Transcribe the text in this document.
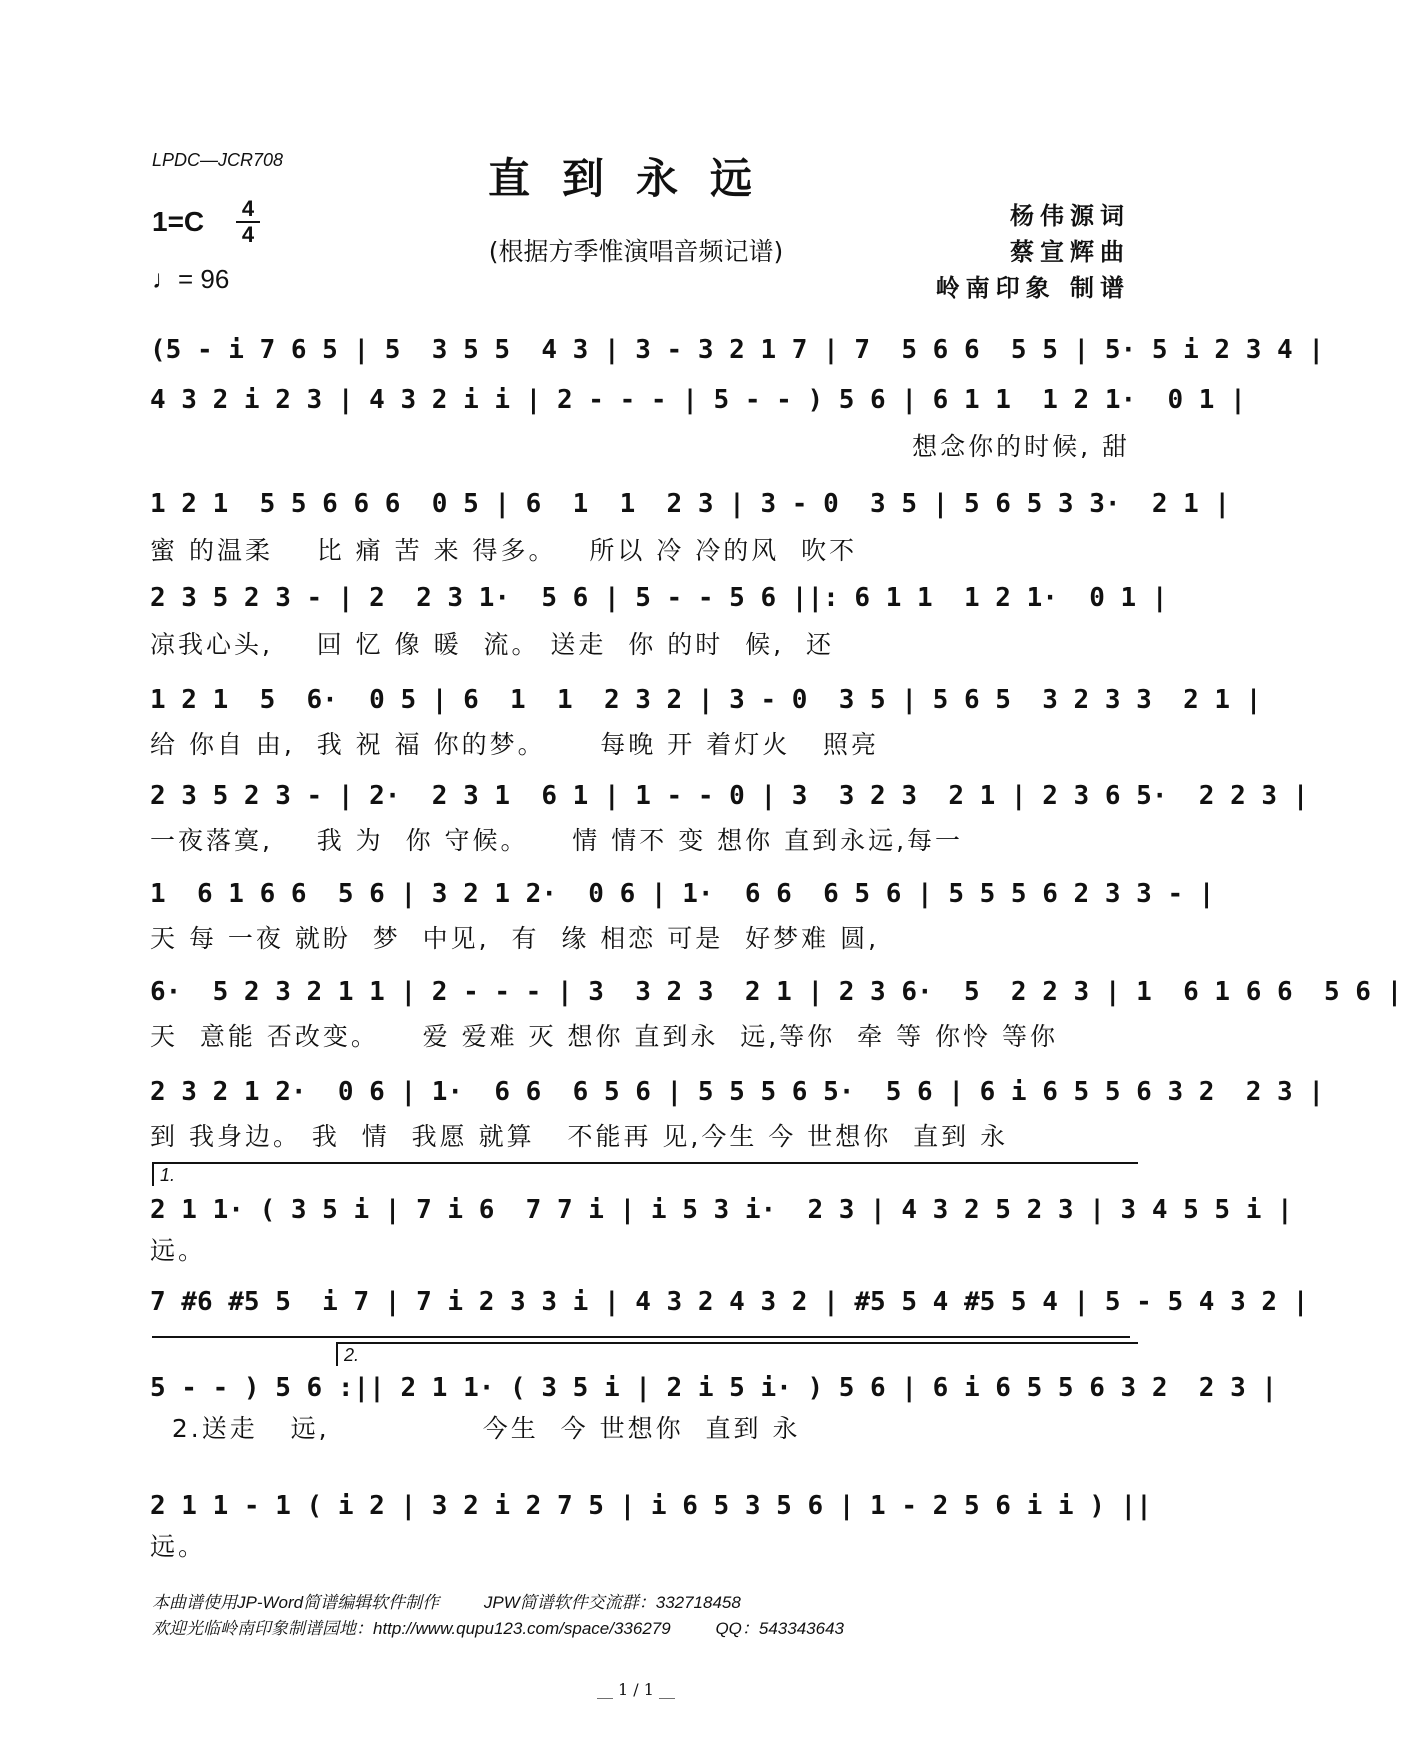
LPDC—JCR708	直到永远
(根据方季惟演唱音频记谱)
1=C 4
4
♩= 96
杨伟源词
蔡宣辉曲
岭南印象 制谱
(5 - i 7 6 5 | 5  3 5 5  4 3 | 3 - 3 2 1 7 | 7  5 6 6  5 5 | 5· 5 i 2 3 4 |
4 3 2 i 2 3 | 4 3 2 i i | 2 - - - | 5 - - ) 5 6 | 6 1 1  1 2 1·  0 1 |
想念你的时候, 甜
1 2 1  5 5 6 6 6  0 5 | 6  1  1  2 3 | 3 - 0  3 5 | 5 6 5 3 3·  2 1 |
蜜 的温柔    比 痛 苦 来 得多。   所以 冷 冷的风  吹不
2 3 5 2 3 - | 2  2 3 1·  5 6 | 5 - - 5 6 ||: 6 1 1  1 2 1·  0 1 |
凉我心头,    回 忆 像 暖  流。 送走  你 的时  候,  还
1 2 1  5  6·  0 5 | 6  1  1  2 3 2 | 3 - 0  3 5 | 5 6 5  3 2 3 3  2 1 |
给 你自 由,  我 祝 福 你的梦。     每晚 开 着灯火   照亮
2 3 5 2 3 - | 2·  2 3 1  6 1 | 1 - - 0 | 3  3 2 3  2 1 | 2 3 6 5·  2 2 3 |
一夜落寞,    我 为  你 守候。    情 情不 变 想你 直到永远,每一
1  6 1 6 6  5 6 | 3 2 1 2·  0 6 | 1·  6 6  6 5 6 | 5 5 5 6 2 3 3 - |
天 每 一夜 就盼  梦  中见,  有  缘 相恋 可是  好梦难 圆,
6·  5 2 3 2 1 1 | 2 - - - | 3  3 2 3  2 1 | 2 3 6·  5  2 2 3 | 1  6 1 6 6  5 6 |
天  意能 否改变。    爱 爱难 灭 想你 直到永  远,等你  牵 等 你怜 等你
2 3 2 1 2·  0 6 | 1·  6 6  6 5 6 | 5 5 5 6 5·  5 6 | 6 i 6 5 5 6 3 2  2 3 |
到 我身边。 我  情  我愿 就算   不能再 见,今生 今 世想你  直到 永
1.
2 1 1· ( 3 5 i | 7 i 6  7 7 i | i 5 3 i·  2 3 | 4 3 2 5 2 3 | 3 4 5 5 i |
远。
7 #6 #5 5  i 7 | 7 i 2 3 3 i | 4 3 2 4 3 2 | #5 5 4 #5 5 4 | 5 - 5 4 3 2 |
2.
5 - - ) 5 6 :|| 2 1 1· ( 3 5 i | 2 i 5 i· ) 5 6 | 6 i 6 5 5 6 3 2  2 3 |
2.送走   远,              今生  今 世想你  直到 永
2 1 1 - 1 ( i 2 | 3 2 i 2 7 5 | i 6 5 3 5 6 | 1 - 2 5 6 i i ) ||
远。
本曲谱使用JP-Word简谱编辑软件制作	JPW简谱软件交流群：332718458
欢迎光临岭南印象制谱园地：http://www.qupu123.com/space/336279	QQ：543343643
__ 1 / 1 __
